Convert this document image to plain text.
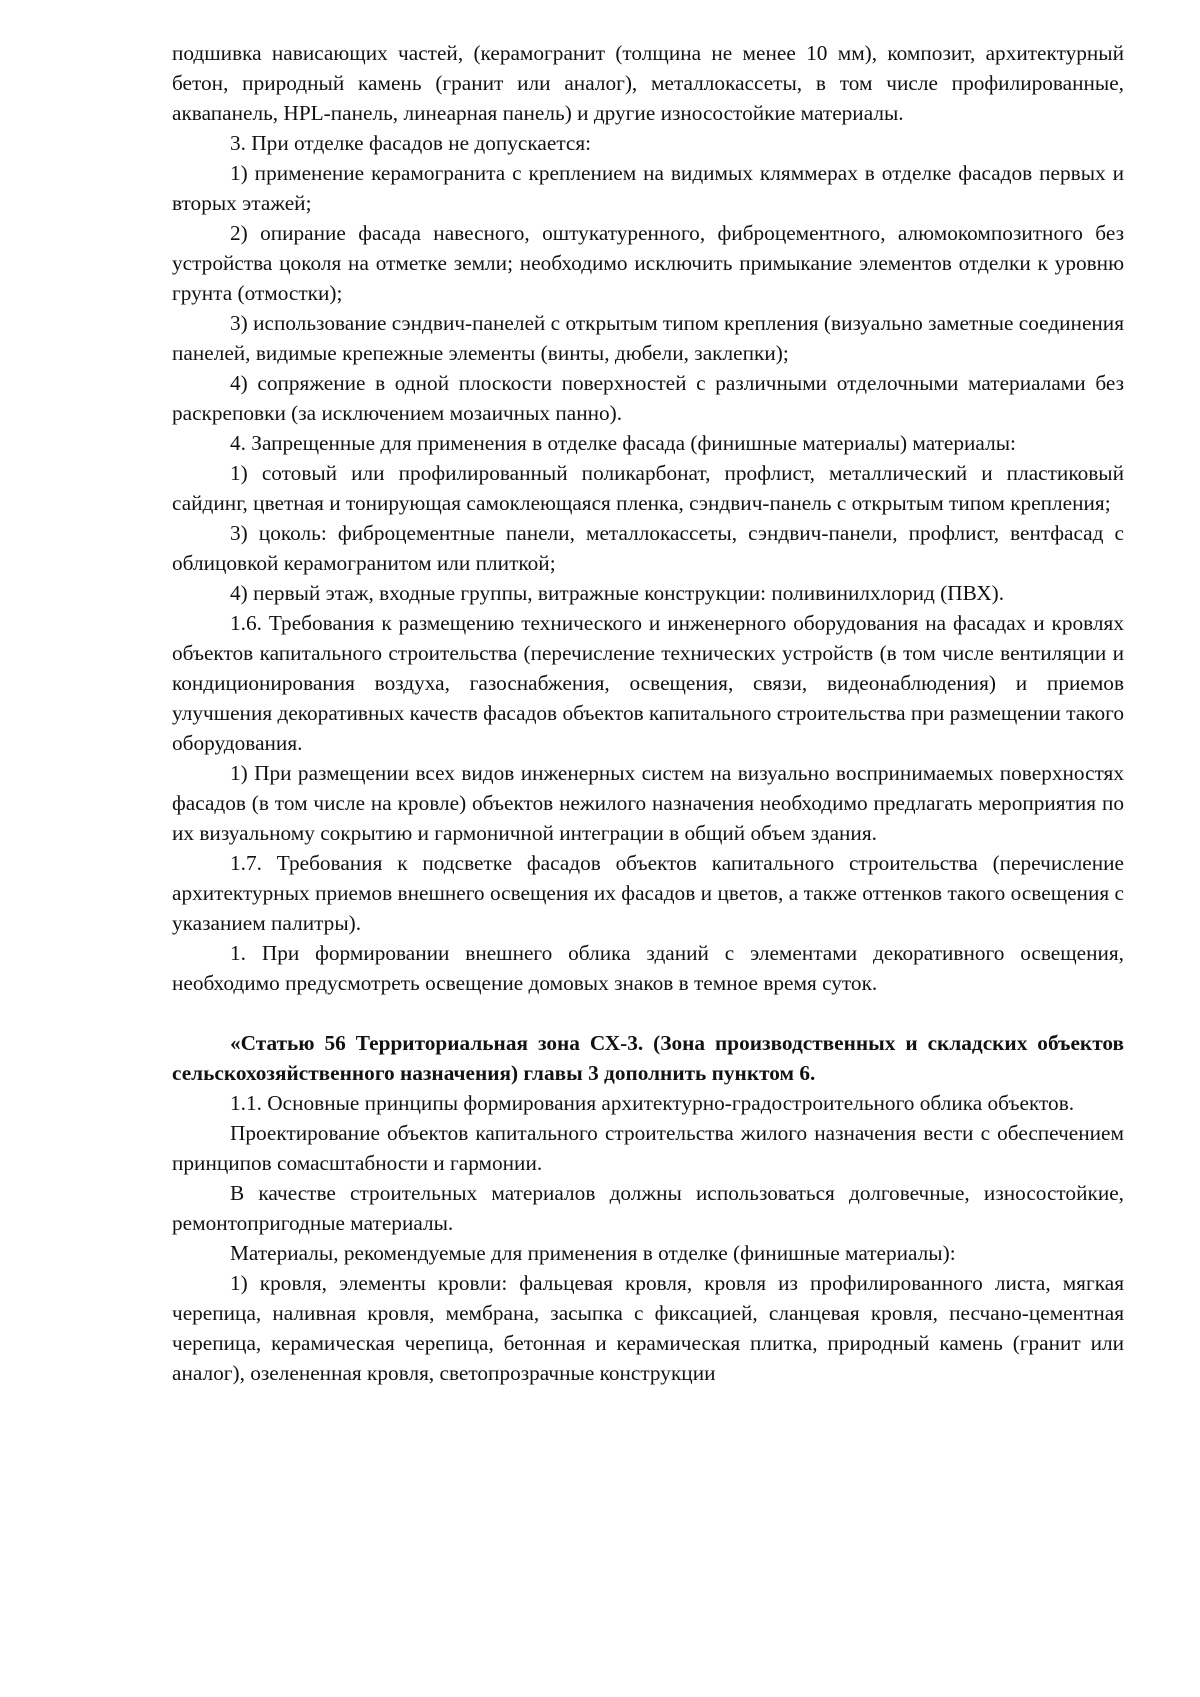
подшивка нависающих частей, (керамогранит (толщина не менее 10 мм), композит, архитектурный бетон, природный камень (гранит или аналог), металлокассеты, в том числе профилированные, аквапанель, HPL-панель, линеарная панель) и другие износостойкие материалы.

3. При отделке фасадов не допускается:

1) применение керамогранита с креплением на видимых кляммерах в отделке фасадов первых и вторых этажей;

2) опирание фасада навесного, оштукатуренного, фиброцементного, алюмокомпозитного без устройства цоколя на отметке земли; необходимо исключить примыкание элементов отделки к уровню грунта (отмостки);

3) использование сэндвич-панелей с открытым типом крепления (визуально заметные соединения панелей, видимые крепежные элементы (винты, дюбели, заклепки);

4) сопряжение в одной плоскости поверхностей с различными отделочными материалами без раскреповки (за исключением мозаичных панно).

4. Запрещенные для применения в отделке фасада (финишные материалы) материалы:

1) сотовый или профилированный поликарбонат, профлист, металлический и пластиковый сайдинг, цветная и тонирующая самоклеющаяся пленка, сэндвич-панель с открытым типом крепления;

3) цоколь: фиброцементные панели, металлокассеты, сэндвич-панели, профлист, вентфасад с облицовкой керамогранитом или плиткой;

4) первый этаж, входные группы, витражные конструкции: поливинилхлорид (ПВХ).

1.6. Требования к размещению технического и инженерного оборудования на фасадах и кровлях объектов капитального строительства (перечисление технических устройств (в том числе вентиляции и кондиционирования воздуха, газоснабжения, освещения, связи, видеонаблюдения) и приемов улучшения декоративных качеств фасадов объектов капитального строительства при размещении такого оборудования.

1) При размещении всех видов инженерных систем на визуально воспринимаемых поверхностях фасадов (в том числе на кровле) объектов нежилого назначения необходимо предлагать мероприятия по их визуальному сокрытию и гармоничной интеграции в общий объем здания.

1.7. Требования к подсветке фасадов объектов капитального строительства (перечисление архитектурных приемов внешнего освещения их фасадов и цветов, а также оттенков такого освещения с указанием палитры).

1. При формировании внешнего облика зданий с элементами декоративного освещения, необходимо предусмотреть освещение домовых знаков в темное время суток.

«Статью 56 Территориальная зона СХ-3. (Зона производственных и складских объектов сельскохозяйственного назначения) главы 3 дополнить пунктом 6.

1.1. Основные принципы формирования архитектурно-градостроительного облика объектов.

Проектирование объектов капитального строительства жилого назначения вести с обеспечением принципов сомасштабности и гармонии.

В качестве строительных материалов должны использоваться долговечные, износостойкие, ремонтопригодные материалы.

Материалы, рекомендуемые для применения в отделке (финишные материалы):

1) кровля, элементы кровли: фальцевая кровля, кровля из профилированного листа, мягкая черепица, наливная кровля, мембрана, засыпка с фиксацией, сланцевая кровля, песчано-цементная черепица, керамическая черепица, бетонная и керамическая плитка, природный камень (гранит или аналог), озелененная кровля, светопрозрачные конструкции
